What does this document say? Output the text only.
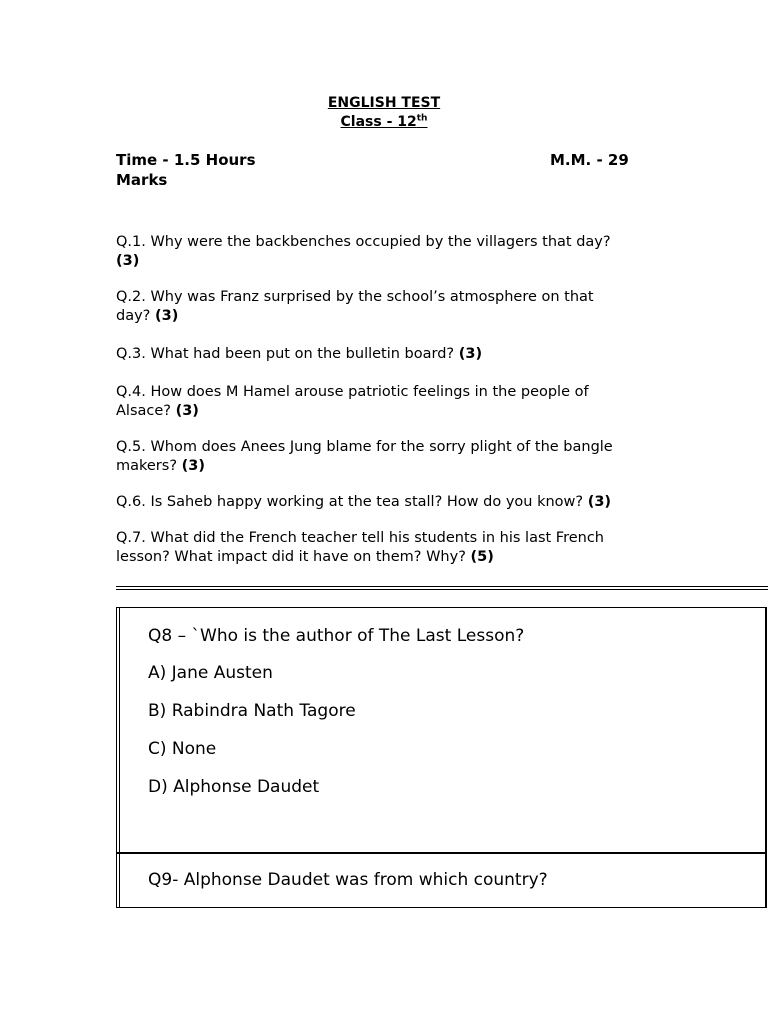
ENGLISH TEST
Class - 12th
Time - 1.5 Hours	M.M. - 29
Marks
Q.1. Why were the backbenches occupied by the villagers that day?
(3)
Q.2. Why was Franz surprised by the school’s atmosphere on that
day? (3)
Q.3. What had been put on the bulletin board? (3)
Q.4. How does M Hamel arouse patriotic feelings in the people of
Alsace? (3)
Q.5. Whom does Anees Jung blame for the sorry plight of the bangle
makers? (3)
Q.6. Is Saheb happy working at the tea stall? How do you know? (3)
Q.7. What did the French teacher tell his students in his last French
lesson? What impact did it have on them? Why? (5)
Q8 – `Who is the author of The Last Lesson?
A) Jane Austen
B) Rabindra Nath Tagore
C) None
D) Alphonse Daudet
Q9- Alphonse Daudet was from which country?
